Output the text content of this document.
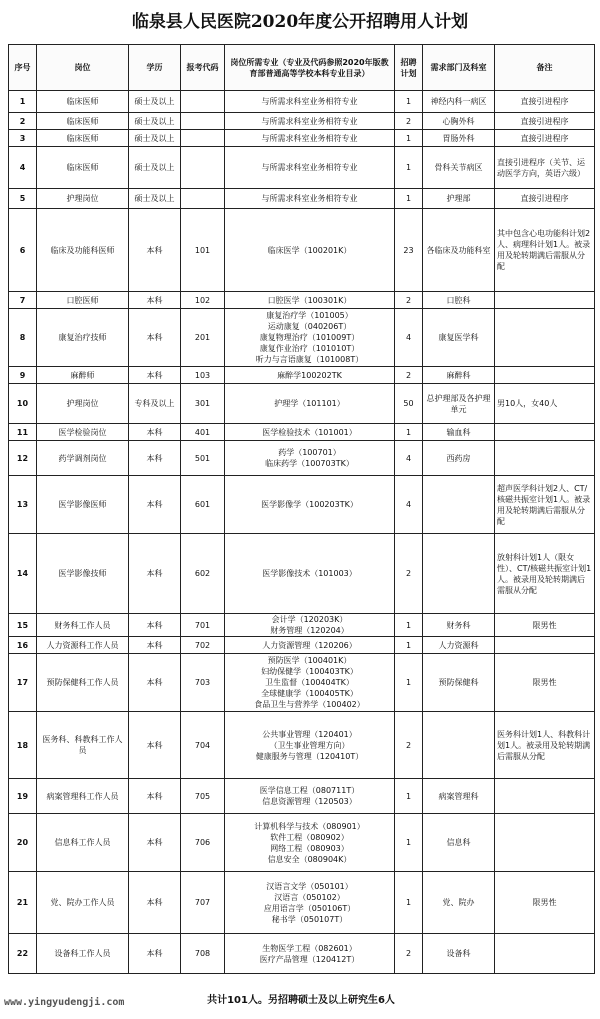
临泉县人民医院2020年度公开招聘用人计划
序号	岗位	学历	报考代码	岗位所需专业（专业及代码参照2020年版教育部普通高等学校本科专业目录）	招聘计划	需求部门及科室	备注
1	临床医师	硕士及以上		与所需求科室业务相符专业	1	神经内科一病区	直接引进程序
2	临床医师	硕士及以上		与所需求科室业务相符专业	2	心胸外科	直接引进程序
3	临床医师	硕士及以上		与所需求科室业务相符专业	1	胃肠外科	直接引进程序
4	临床医师	硕士及以上		与所需求科室业务相符专业	1	骨科关节病区	直接引进程序（关节、运动医学方向，英语六级）
5	护理岗位	硕士及以上		与所需求科室业务相符专业	1	护理部	直接引进程序
6	临床及功能科医师	本科	101	临床医学（100201K）	23	各临床及功能科室	其中包含心电功能科计划2人、病理科计划1人。被录用及轮转期满后需服从分配
7	口腔医师	本科	102	口腔医学（100301K）	2	口腔科	
8	康复治疗技师	本科	201	康复治疗学（101005）
运动康复（040206T）
康复物理治疗（101009T）
康复作业治疗（101010T）
听力与言语康复（101008T）	4	康复医学科	
9	麻醉师	本科	103	麻醉学100202TK	2	麻醉科	
10	护理岗位	专科及以上	301	护理学（101101）	50	总护理部及各护理单元	男10人，女40人
11	医学检验岗位	本科	401	医学检验技术（101001）	1	输血科	
12	药学调剂岗位	本科	501	药学（100701）
临床药学（100703TK）	4	西药房	
13	医学影像医师	本科	601	医学影像学（100203TK）	4		超声医学科计划2人、CT/核磁共振室计划1人。被录用及轮转期满后需服从分配
14	医学影像技师	本科	602	医学影像技术（101003）	2		放射科计划1人（限女性）、CT/核磁共振室计划1人。被录用及轮转期满后需服从分配
15	财务科工作人员	本科	701	会计学（120203K）
财务管理（120204）	1	财务科	限男性
16	人力资源科工作人员	本科	702	人力资源管理（120206）	1	人力资源科	
17	预防保健科工作人员	本科	703	预防医学（100401K）
妇幼保健学（100403TK）
卫生监督（100404TK）
全球健康学（100405TK）
食品卫生与营养学（100402）	1	预防保健科	限男性
18	医务科、科教科工作人员	本科	704	公共事业管理（120401）
（卫生事业管理方向）
健康服务与管理（120410T）	2		医务科计划1人、科教科计划1人。被录用及轮转期满后需服从分配
19	病案管理科工作人员	本科	705	医学信息工程（080711T）
信息资源管理（120503）	1	病案管理科	
20	信息科工作人员	本科	706	计算机科学与技术（080901）
软件工程（080902）
网络工程（080903）
信息安全（080904K）	1	信息科	
21	党、院办工作人员	本科	707	汉语言文学（050101）
汉语言（050102）
应用语言学（050106T）
秘书学（050107T）	1	党、院办	限男性
22	设备科工作人员	本科	708	生物医学工程（082601）
医疗产品管理（120412T）	2	设备科	
共计101人。另招聘硕士及以上研究生6人
www.yingyudengji.com
